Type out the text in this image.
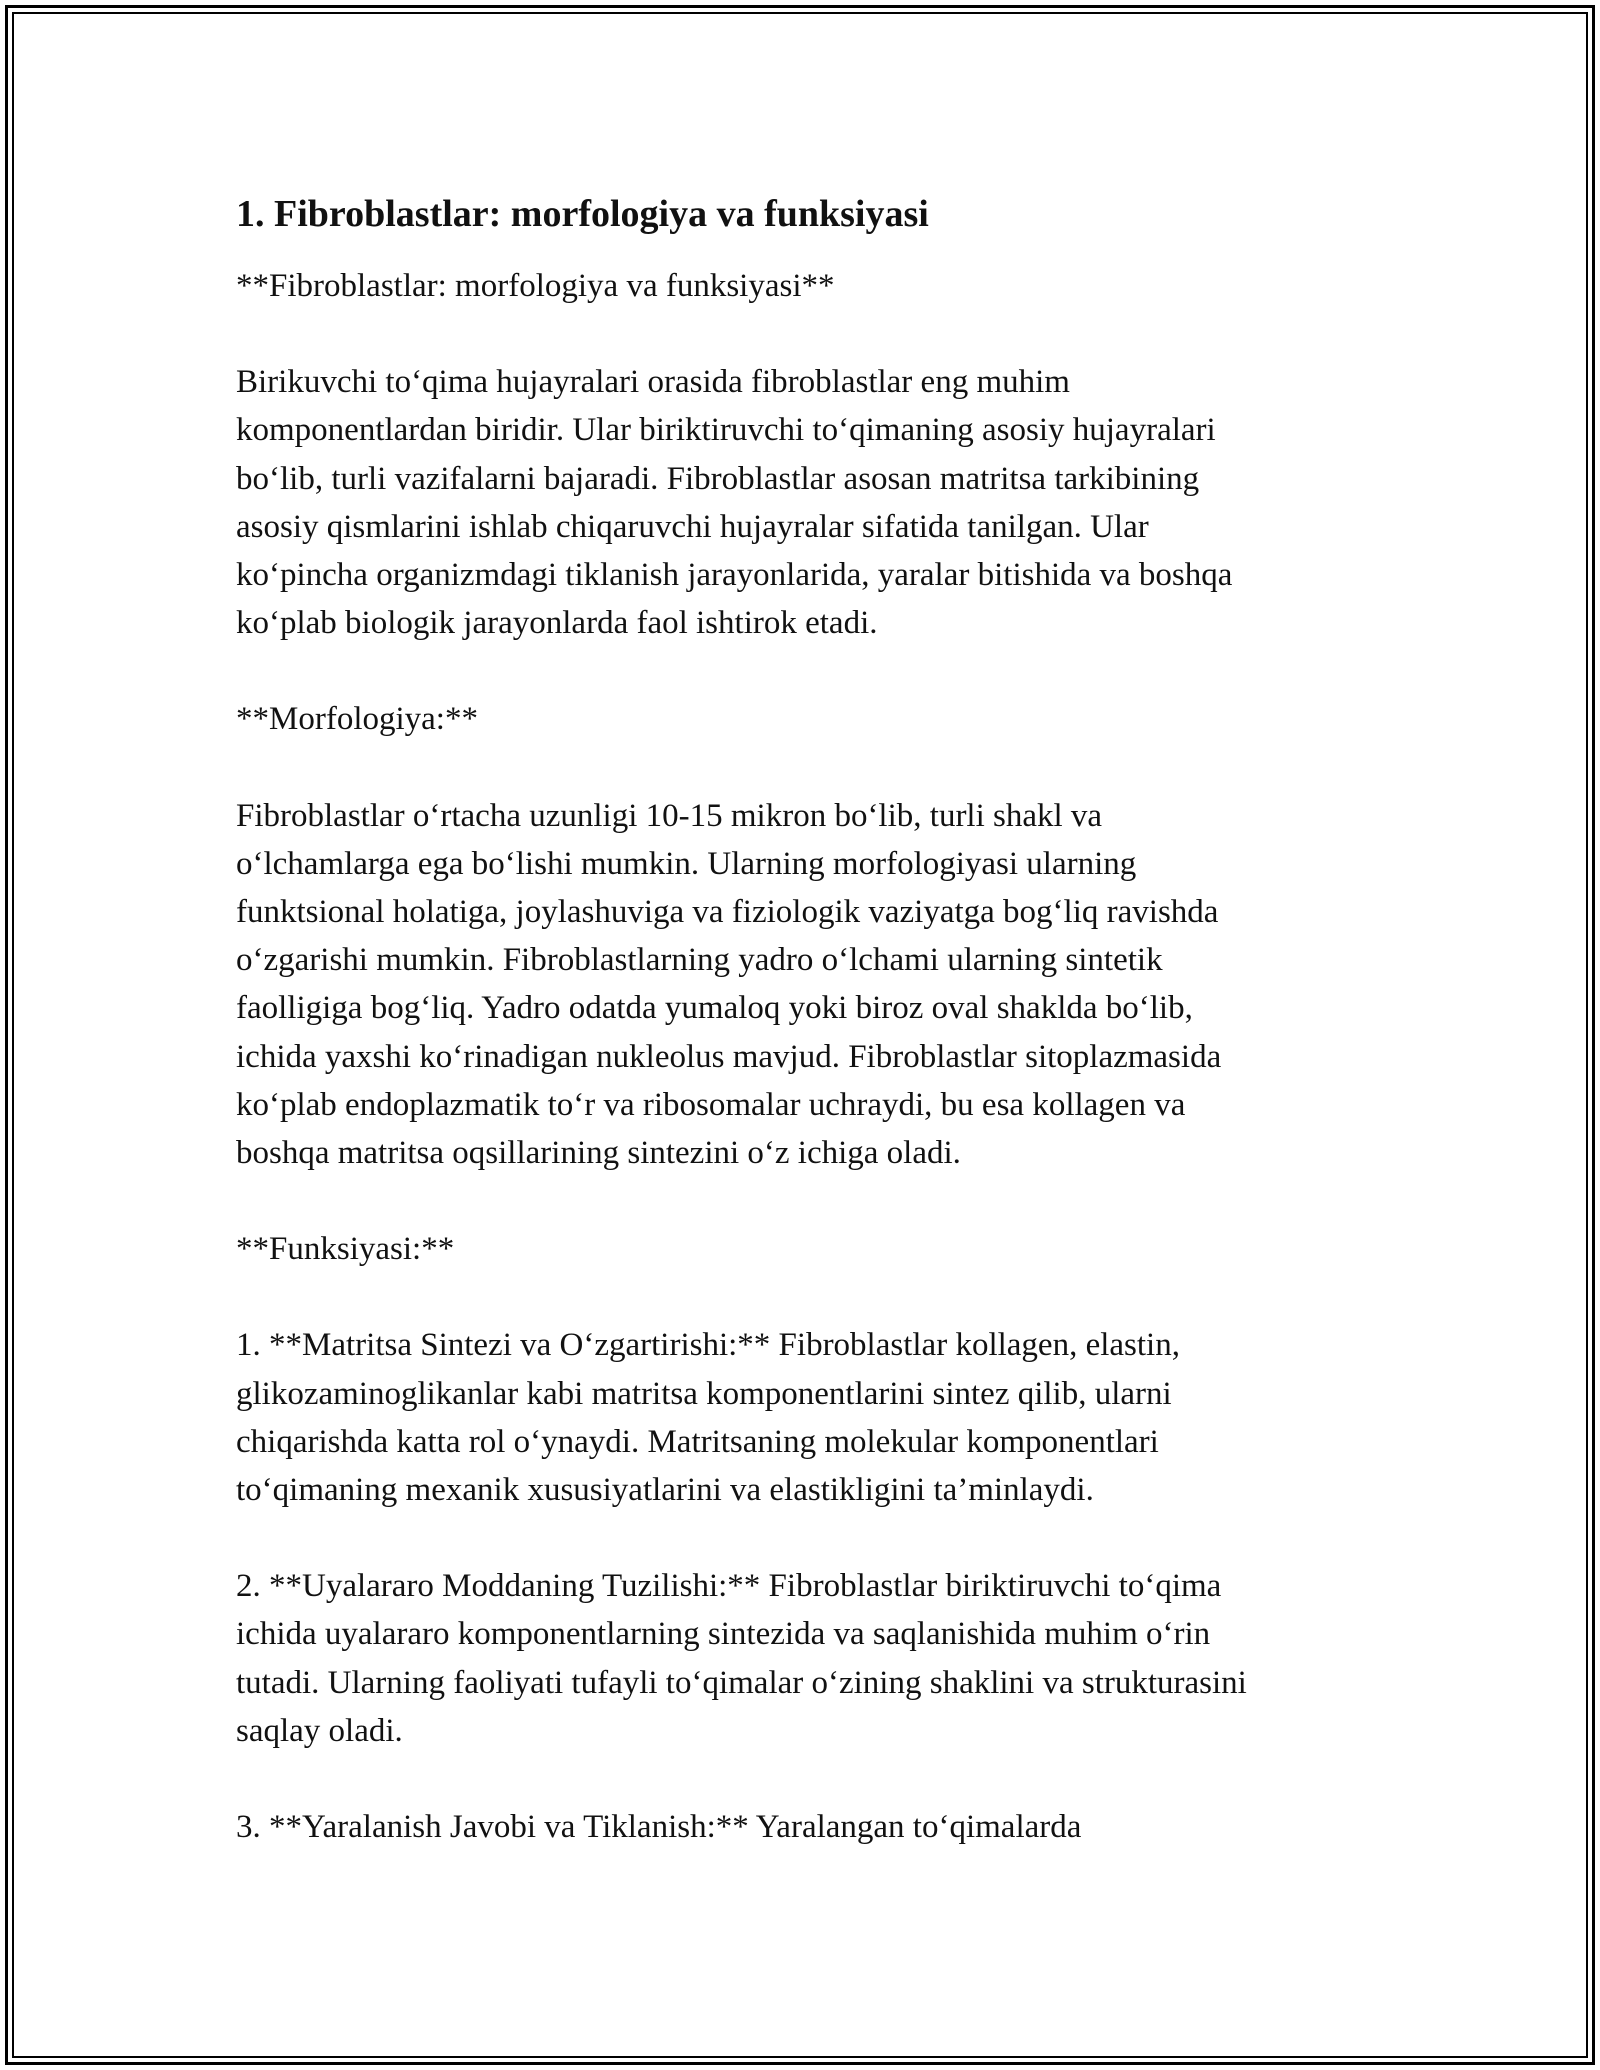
1. Fibroblastlar: morfologiya va funksiyasi

**Fibroblastlar: morfologiya va funksiyasi**

Birikuvchi to‘qima hujayralari orasida fibroblastlar eng muhim
komponentlardan biridir. Ular biriktiruvchi to‘qimaning asosiy hujayralari
bo‘lib, turli vazifalarni bajaradi. Fibroblastlar asosan matritsa tarkibining
asosiy qismlarini ishlab chiqaruvchi hujayralar sifatida tanilgan. Ular
ko‘pincha organizmdagi tiklanish jarayonlarida, yaralar bitishida va boshqa
ko‘plab biologik jarayonlarda faol ishtirok etadi.

**Morfologiya:**

Fibroblastlar o‘rtacha uzunligi 10-15 mikron bo‘lib, turli shakl va
o‘lchamlarga ega bo‘lishi mumkin. Ularning morfologiyasi ularning
funktsional holatiga, joylashuviga va fiziologik vaziyatga bog‘liq ravishda
o‘zgarishi mumkin. Fibroblastlarning yadro o‘lchami ularning sintetik
faolligiga bog‘liq. Yadro odatda yumaloq yoki biroz oval shaklda bo‘lib,
ichida yaxshi ko‘rinadigan nukleolus mavjud. Fibroblastlar sitoplazmasida
ko‘plab endoplazmatik to‘r va ribosomalar uchraydi, bu esa kollagen va
boshqa matritsa oqsillarining sintezini o‘z ichiga oladi.

**Funksiyasi:**

1. **Matritsa Sintezi va O‘zgartirishi:** Fibroblastlar kollagen, elastin,
glikozaminoglikanlar kabi matritsa komponentlarini sintez qilib, ularni
chiqarishda katta rol o‘ynaydi. Matritsaning molekular komponentlari
to‘qimaning mexanik xususiyatlarini va elastikligini ta’minlaydi.

2. **Uyalararo Moddaning Tuzilishi:** Fibroblastlar biriktiruvchi to‘qima
ichida uyalararo komponentlarning sintezida va saqlanishida muhim o‘rin
tutadi. Ularning faoliyati tufayli to‘qimalar o‘zining shaklini va strukturasini
saqlay oladi.

3. **Yaralanish Javobi va Tiklanish:** Yaralangan to‘qimalarda
